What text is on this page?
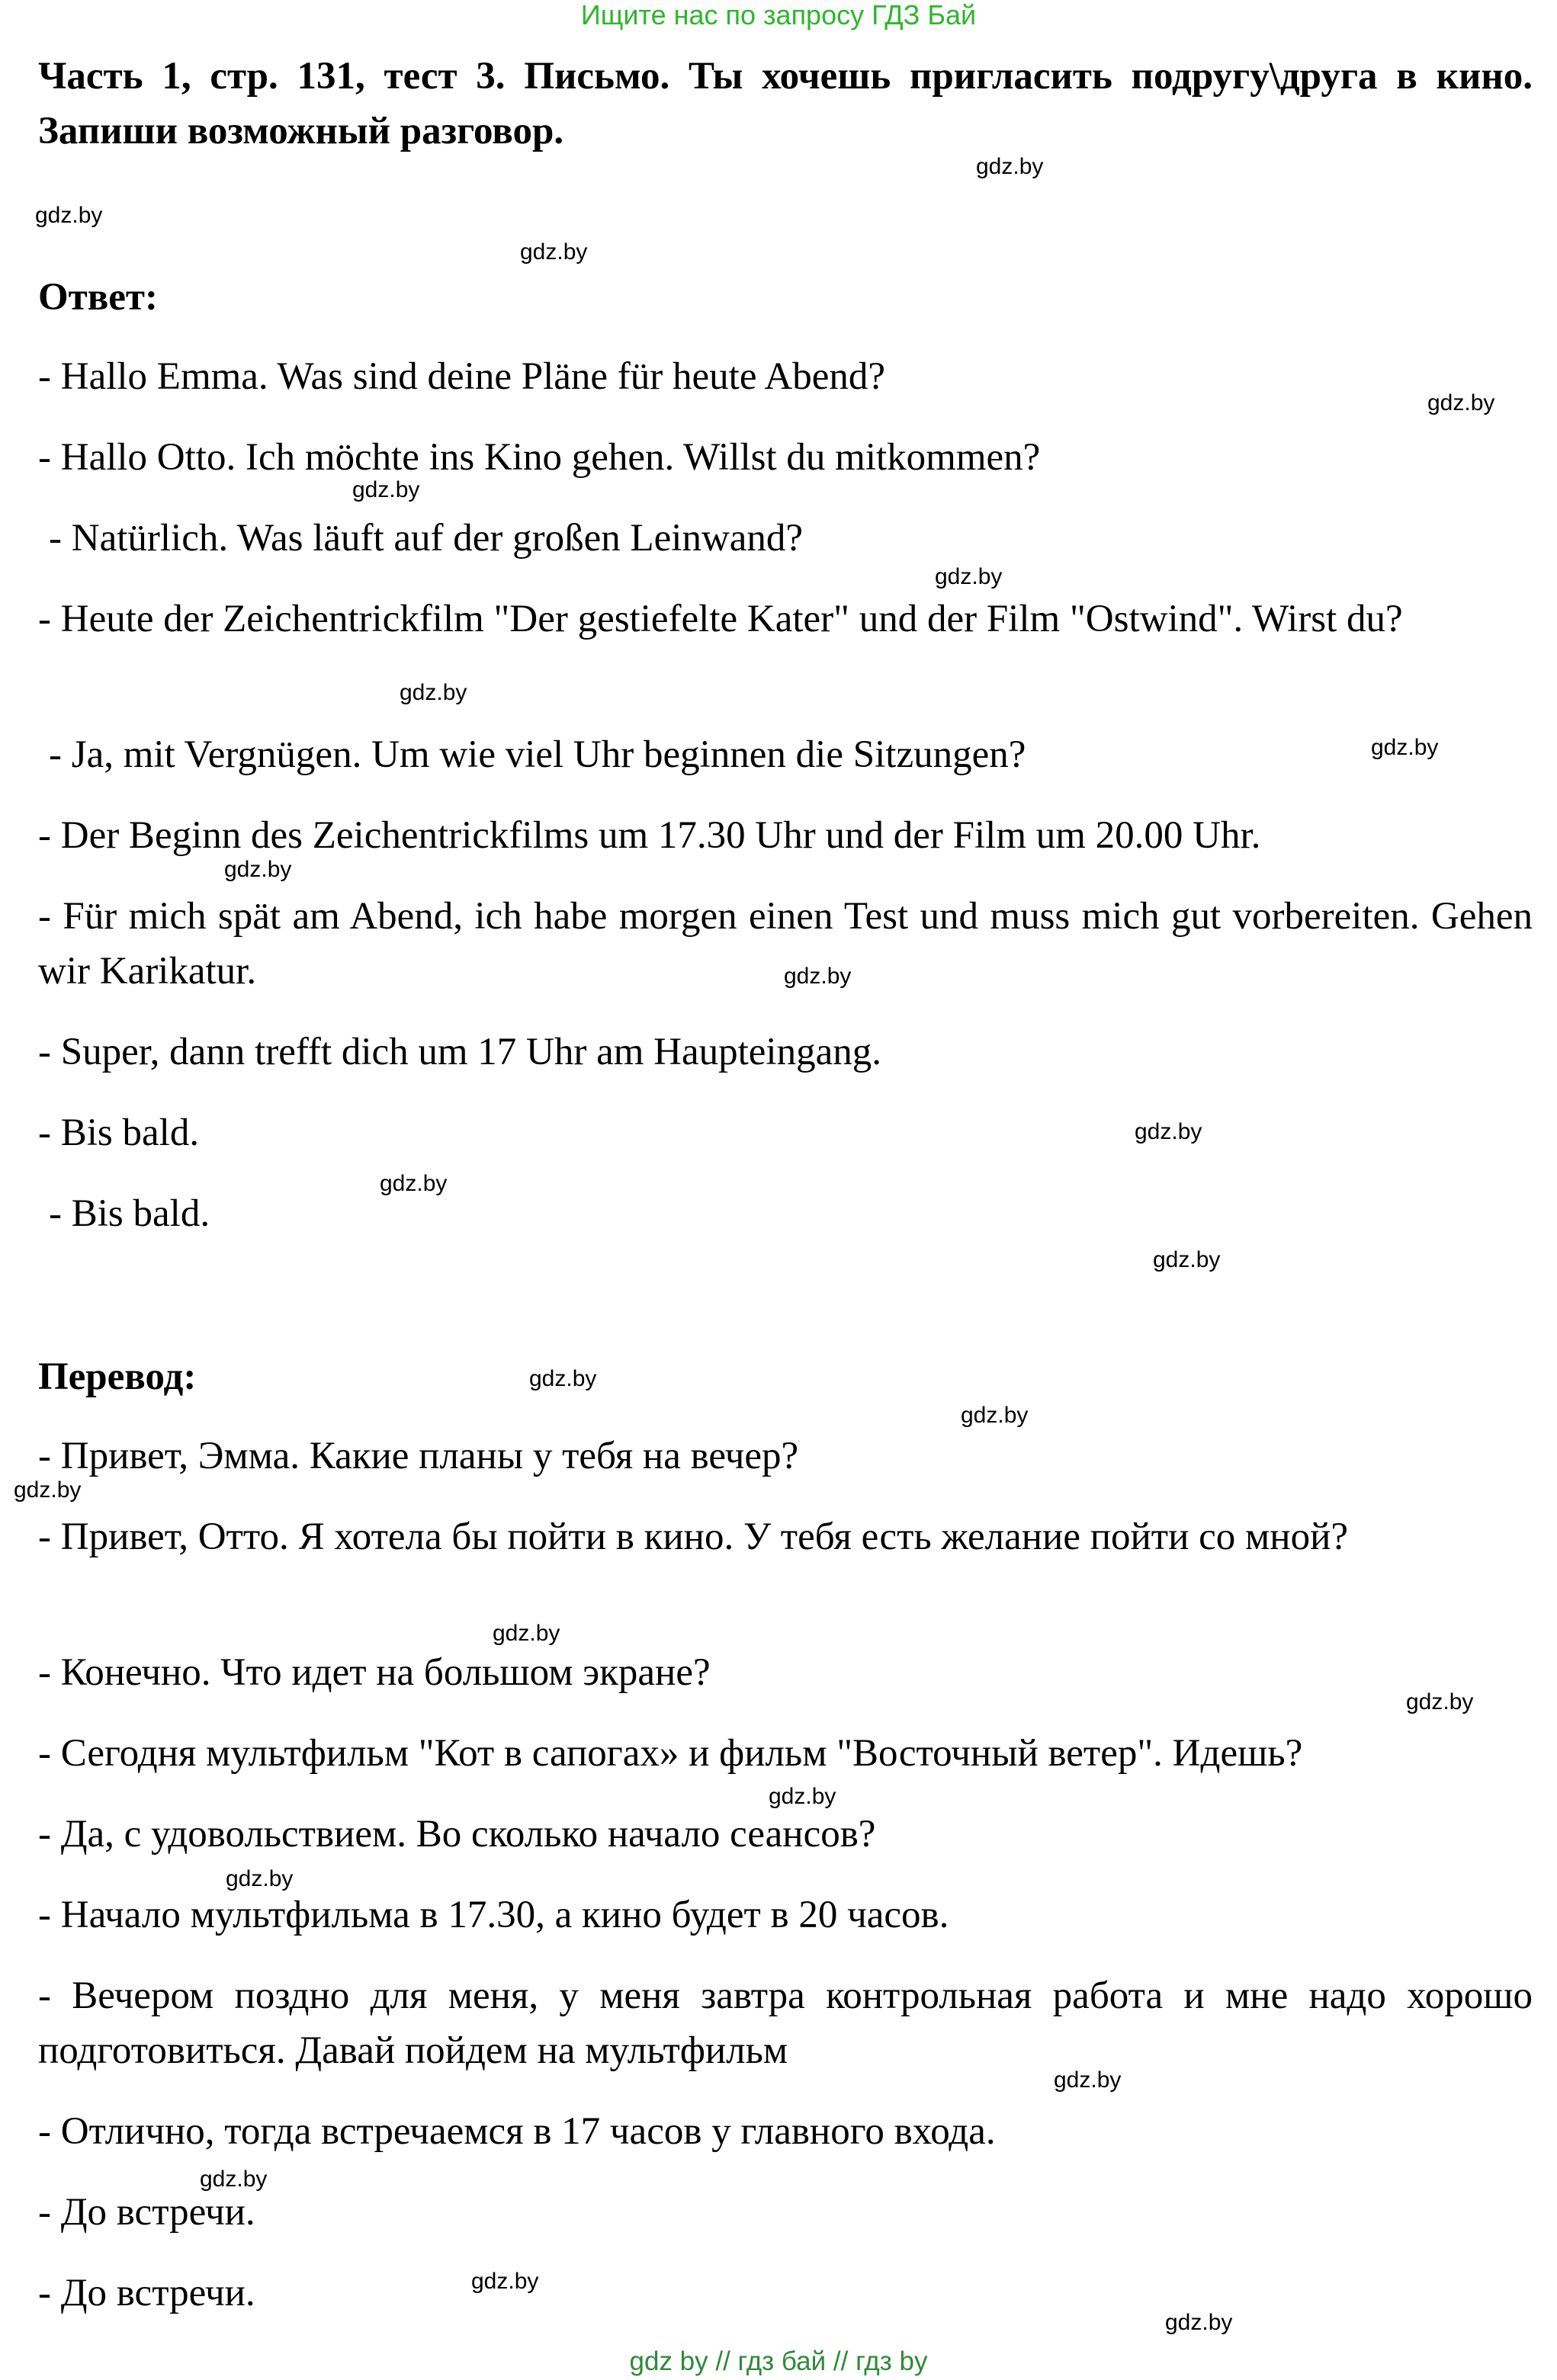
Ищите нас по запросу ГДЗ Бай
Часть 1, стр. 131, тест 3. Письмо. Ты хочешь пригласить подругу\друга в кино. Запиши возможный разговор.
Ответ:
- Hallo Emma. Was sind deine Pläne für heute Abend?
- Hallo Otto. Ich möchte ins Kino gehen. Willst du mitkommen?
- Natürlich. Was läuft auf der großen Leinwand?
- Heute der Zeichentrickfilm "Der gestiefelte Kater" und der Film "Ostwind". Wirst du?
- Ja, mit Vergnügen. Um wie viel Uhr beginnen die Sitzungen?
- Der Beginn des Zeichentrickfilms um 17.30 Uhr und der Film um 20.00 Uhr.
- Für mich spät am Abend, ich habe morgen einen Test und muss mich gut vorbereiten. Gehen wir Karikatur.
- Super, dann trefft dich um 17 Uhr am Haupteingang.
- Bis bald.
- Bis bald.
Перевод:
- Привет, Эмма. Какие планы у тебя на вечер?
- Привет, Отто. Я хотела бы пойти в кино. У тебя есть желание пойти со мной?
- Конечно. Что идет на большом экране?
- Сегодня мультфильм "Кот в сапогах» и фильм "Восточный ветер". Идешь?
- Да, с удовольствием. Во сколько начало сеансов?
- Начало мультфильма в 17.30, а кино будет в 20 часов.
- Вечером поздно для меня, у меня завтра контрольная работа и мне надо хорошо подготовиться. Давай пойдем на мультфильм
- Отлично, тогда встречаемся в 17 часов у главного входа.
- До встречи.
- До встречи.
gdz.by
gdz.by
gdz.by
gdz.by
gdz.by
gdz.by
gdz.by
gdz.by
gdz.by
gdz.by
gdz.by
gdz.by
gdz.by
gdz.by
gdz.by
gdz.by
gdz.by
gdz.by
gdz.by
gdz.by
gdz.by
gdz.by
gdz.by
gdz.by
gdz by // гдз бай // гдз by
